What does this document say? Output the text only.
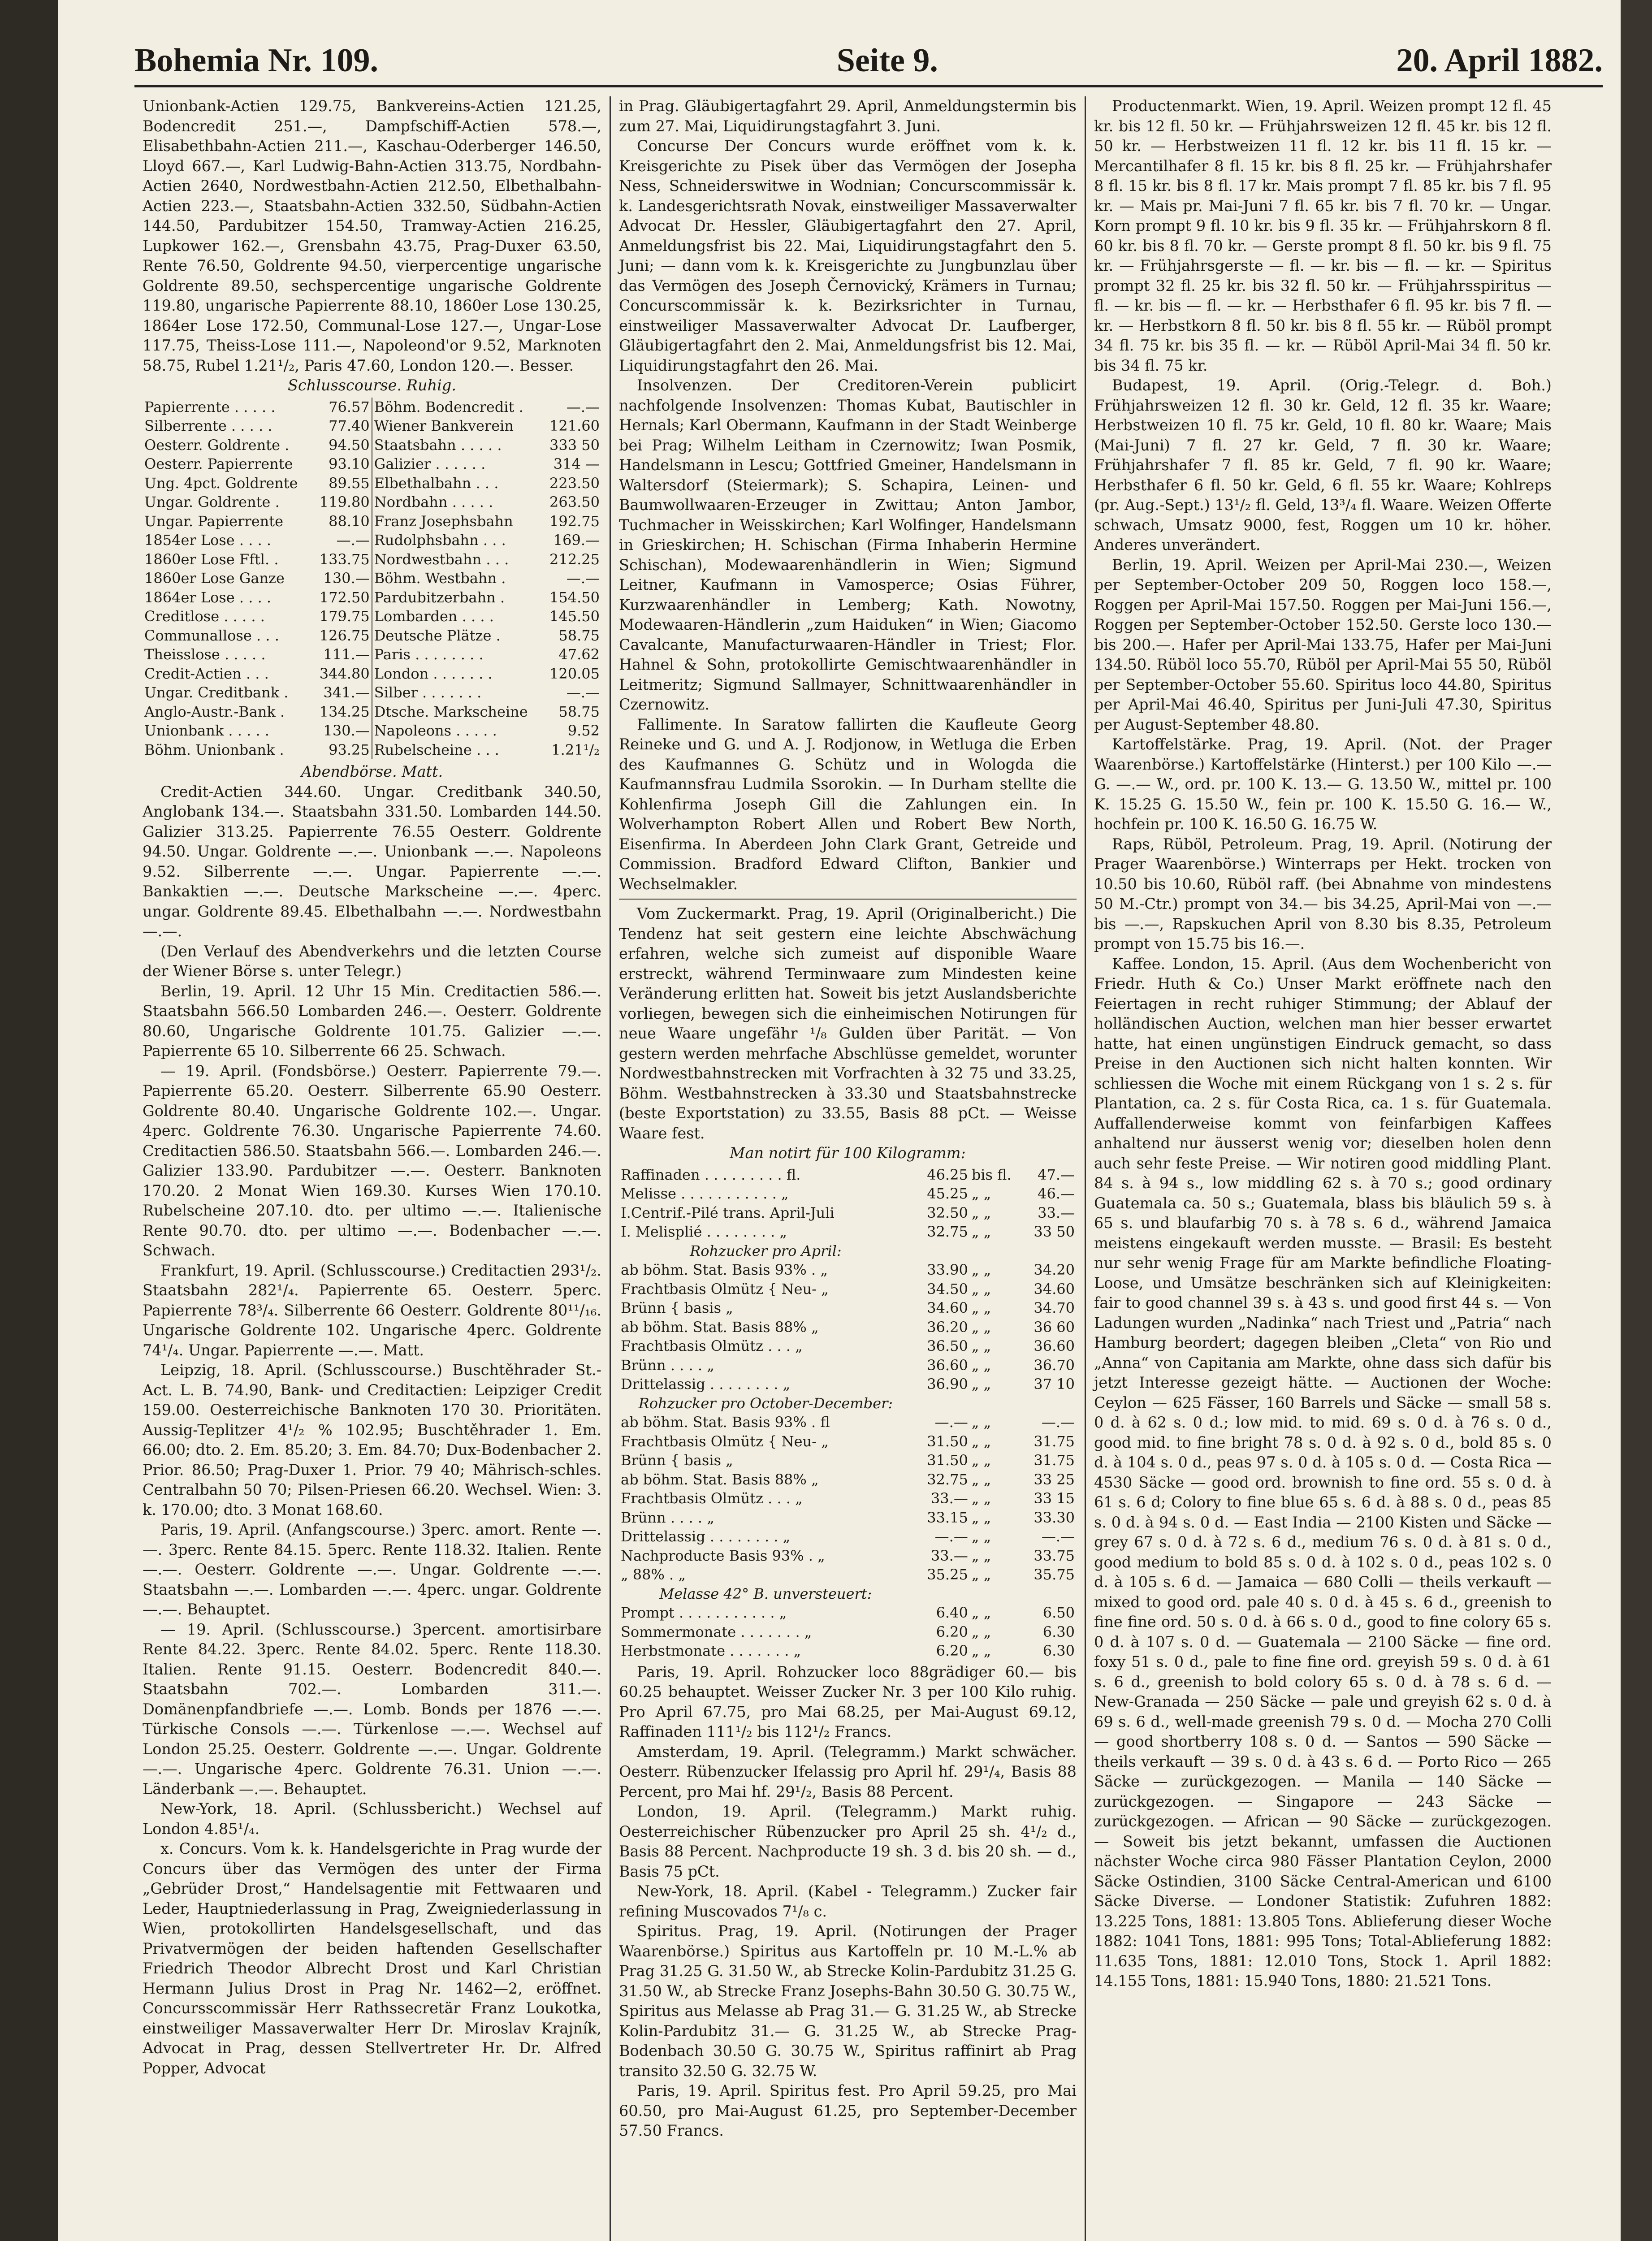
Bohemia Nr. 109.	Seite 9.	20. April 1882.

Unionbank-Actien 129.75, Bankvereins-Actien 121.25, Bodencredit 251.—, Dampfschiff-Actien 578.—, Elisabethbahn-Actien 211.—, Kaschau-Oderberger 146.50, Lloyd 667.—, Karl Ludwig-Bahn-Actien 313.75, Nordbahn-Actien 2640, Nordwestbahn-Actien 212.50, Elbethalbahn-Actien 223.—, Staatsbahn-Actien 332.50, Südbahn-Actien 144.50, Pardubitzer 154.50, Tramway-Actien 216.25, Lupkower 162.—, Grensbahn 43.75, Prag-Duxer 63.50, Rente 76.50, Goldrente 94.50, vierpercentige ungarische Goldrente 89.50, sechspercentige ungarische Goldrente 119.80, ungarische Papierrente 88.10, 1860er Lose 130.25, 1864er Lose 172.50, Communal-Lose 127.—, Ungar-Lose 117.75, Theiss-Lose 111.—, Napoleond'or 9.52, Marknoten 58.75, Rubel 1.21¹/₂, Paris 47.60, London 120.—. Besser.

Schlusscourse. Ruhig.

Papierrente . . . . .	76.57	Böhm. Bodencredit .	—.—
Silberrente . . . . .	77.40	Wiener Bankverein	121.60
Oesterr. Goldrente .	94.50	Staatsbahn . . . . .	333 50
Oesterr. Papierrente	93.10	Galizier . . . . . .	314 —
Ung. 4pct. Goldrente	89.55	Elbethalbahn . . .	223.50
Ungar. Goldrente .	119.80	Nordbahn . . . . .	263.50
Ungar. Papierrente	88.10	Franz Josephsbahn	192.75
1854er Lose . . . .	—.—	Rudolphsbahn . . .	169.—
1860er Lose Fftl. .	133.75	Nordwestbahn . . .	212.25
1860er Lose Ganze	130.—	Böhm. Westbahn .	—.—
1864er Lose . . . .	172.50	Pardubitzerbahn .	154.50
Creditlose . . . . .	179.75	Lombarden . . . .	145.50
Communallose . . .	126.75	Deutsche Plätze .	58.75
Theisslose . . . . .	111.—	Paris . . . . . . . .	47.62
Credit-Actien . . .	344.80	London . . . . . . .	120.05
Ungar. Creditbank .	341.—	Silber . . . . . . .	—.—
Anglo-Austr.-Bank .	134.25	Dtsche. Markscheine	58.75
Unionbank . . . . .	130.—	Napoleons . . . . .	9.52
Böhm. Unionbank .	93.25	Rubelscheine . . .	1.21¹/₂

Abendbörse. Matt.

Credit-Actien 344.60. Ungar. Creditbank 340.50, Anglobank 134.—. Staatsbahn 331.50. Lombarden 144.50. Galizier 313.25. Papierrente 76.55 Oesterr. Goldrente 94.50. Ungar. Goldrente —.—. Unionbank —.—. Napoleons 9.52. Silberrente —.—. Ungar. Papierrente —.—. Bankaktien —.—. Deutsche Markscheine —.—. 4perc. ungar. Goldrente 89.45. Elbethalbahn —.—. Nordwestbahn —.—.

(Den Verlauf des Abendverkehrs und die letzten Course der Wiener Börse s. unter Telegr.)

Berlin, 19. April. 12 Uhr 15 Min. Creditactien 586.—. Staatsbahn 566.50 Lombarden 246.—. Oesterr. Goldrente 80.60, Ungarische Goldrente 101.75. Galizier —.—. Papierrente 65 10. Silberrente 66 25. Schwach.

— 19. April. (Fondsbörse.) Oesterr. Papierrente 79.—. Papierrente 65.20. Oesterr. Silberrente 65.90 Oesterr. Goldrente 80.40. Ungarische Goldrente 102.—. Ungar. 4perc. Goldrente 76.30. Ungarische Papierrente 74.60. Creditactien 586.50. Staatsbahn 566.—. Lombarden 246.—. Galizier 133.90. Pardubitzer —.—. Oesterr. Banknoten 170.20. 2 Monat Wien 169.30. Kurses Wien 170.10. Rubelscheine 207.10. dto. per ultimo —.—. Italienische Rente 90.70. dto. per ultimo —.—. Bodenbacher —.—. Schwach.

Frankfurt, 19. April. (Schlusscourse.) Creditactien 293¹/₂. Staatsbahn 282¹/₄. Papierrente 65. Oesterr. 5perc. Papierrente 78³/₄. Silberrente 66 Oesterr. Goldrente 80¹¹/₁₆. Ungarische Goldrente 102. Ungarische 4perc. Goldrente 74¹/₄. Ungar. Papierrente —.—. Matt.

Leipzig, 18. April. (Schlusscourse.) Buschtěhrader St.-Act. L. B. 74.90, Bank- und Creditactien: Leipziger Credit 159.00. Oesterreichische Banknoten 170 30. Prioritäten. Aussig-Teplitzer 4¹/₂ % 102.95; Buschtěhrader 1. Em. 66.00; dto. 2. Em. 85.20; 3. Em. 84.70; Dux-Bodenbacher 2. Prior. 86.50; Prag-Duxer 1. Prior. 79 40; Mährisch-schles. Centralbahn 50 70; Pilsen-Priesen 66.20. Wechsel. Wien: 3. k. 170.00; dto. 3 Monat 168.60.

Paris, 19. April. (Anfangscourse.) 3perc. amort. Rente —.—. 3perc. Rente 84.15. 5perc. Rente 118.32. Italien. Rente —.—. Oesterr. Goldrente —.—. Ungar. Goldrente —.—. Staatsbahn —.—. Lombarden —.—. 4perc. ungar. Goldrente —.—. Behauptet.

— 19. April. (Schlusscourse.) 3percent. amortisirbare Rente 84.22. 3perc. Rente 84.02. 5perc. Rente 118.30. Italien. Rente 91.15. Oesterr. Bodencredit 840.—. Staatsbahn 702.—. Lombarden 311.—. Domänenpfandbriefe —.—. Lomb. Bonds per 1876 —.—. Türkische Consols —.—. Türkenlose —.—. Wechsel auf London 25.25. Oesterr. Goldrente —.—. Ungar. Goldrente —.—. Ungarische 4perc. Goldrente 76.31. Union —.—. Länderbank —.—. Behauptet.

New-York, 18. April. (Schlussbericht.) Wechsel auf London 4.85¹/₄.

x. Concurs. Vom k. k. Handelsgerichte in Prag wurde der Concurs über das Vermögen des unter der Firma „Gebrüder Drost,“ Handelsagentie mit Fettwaaren und Leder, Hauptniederlassung in Prag, Zweigniederlassung in Wien, protokollirten Handelsgesellschaft, und das Privatvermögen der beiden haftenden Gesellschafter Friedrich Theodor Albrecht Drost und Karl Christian Hermann Julius Drost in Prag Nr. 1462—2, eröffnet. Concursscommissär Herr Rathssecretär Franz Loukotka, einstweiliger Massaverwalter Herr Dr. Miroslav Krajník, Advocat in Prag, dessen Stellvertreter Hr. Dr. Alfred Popper, Advocat

in Prag. Gläubigertagfahrt 29. April, Anmeldungstermin bis zum 27. Mai, Liquidirungstagfahrt 3. Juni.

Concurse Der Concurs wurde eröffnet vom k. k. Kreisgerichte zu Pisek über das Vermögen der Josepha Ness, Schneiderswitwe in Wodnian; Concurscommissär k. k. Landesgerichtsrath Novak, einstweiliger Massaverwalter Advocat Dr. Hessler, Gläubigertagfahrt den 27. April, Anmeldungsfrist bis 22. Mai, Liquidirungstagfahrt den 5. Juni; — dann vom k. k. Kreisgerichte zu Jungbunzlau über das Vermögen des Joseph Černovický, Krämers in Turnau; Concurscommissär k. k. Bezirksrichter in Turnau, einstweiliger Massaverwalter Advocat Dr. Laufberger, Gläubigertagfahrt den 2. Mai, Anmeldungsfrist bis 12. Mai, Liquidirungstagfahrt den 26. Mai.

Insolvenzen. Der Creditoren-Verein publicirt nachfolgende Insolvenzen: Thomas Kubat, Bautischler in Hernals; Karl Obermann, Kaufmann in der Stadt Weinberge bei Prag; Wilhelm Leitham in Czernowitz; Iwan Posmik, Handelsmann in Lescu; Gottfried Gmeiner, Handelsmann in Waltersdorf (Steiermark); S. Schapira, Leinen- und Baumwollwaaren-Erzeuger in Zwittau; Anton Jambor, Tuchmacher in Weisskirchen; Karl Wolfinger, Handelsmann in Grieskirchen; H. Schischan (Firma Inhaberin Hermine Schischan), Modewaarenhändlerin in Wien; Sigmund Leitner, Kaufmann in Vamosperce; Osias Führer, Kurzwaarenhändler in Lemberg; Kath. Nowotny, Modewaaren-Händlerin „zum Haiduken“ in Wien; Giacomo Cavalcante, Manufacturwaaren-Händler in Triest; Flor. Hahnel & Sohn, protokollirte Gemischtwaarenhändler in Leitmeritz; Sigmund Sallmayer, Schnittwaarenhändler in Czernowitz.

Fallimente. In Saratow fallirten die Kaufleute Georg Reineke und G. und A. J. Rodjonow, in Wetluga die Erben des Kaufmannes G. Schütz und in Wologda die Kaufmannsfrau Ludmila Ssorokin. — In Durham stellte die Kohlenfirma Joseph Gill die Zahlungen ein. In Wolverhampton Robert Allen und Robert Bew North, Eisenfirma. In Aberdeen John Clark Grant, Getreide und Commission. Bradford Edward Clifton, Bankier und Wechselmakler.

Vom Zuckermarkt. Prag, 19. April (Originalbericht.) Die Tendenz hat seit gestern eine leichte Abschwächung erfahren, welche sich zumeist auf disponible Waare erstreckt, während Terminwaare zum Mindesten keine Veränderung erlitten hat. Soweit bis jetzt Auslandsberichte vorliegen, bewegen sich die einheimischen Notirungen für neue Waare ungefähr ¹/₈ Gulden über Parität. — Von gestern werden mehrfache Abschlüsse gemeldet, worunter Nordwestbahnstrecken mit Vorfrachten à 32 75 und 33.25, Böhm. Westbahnstrecken à 33.30 und Staatsbahnstrecke (beste Exportstation) zu 33.55, Basis 88 pCt. — Weisse Waare fest.

Man notirt für 100 Kilogramm:

Raffinaden . . . . . . . . . fl.	46.25	bis fl.	47.—
Melisse . . . . . . . . . . . „	45.25	„ „	46.—
I.Centrif.-Pilé trans. April-Juli	32.50	„ „	33.—
I. Melisplié . . . . . . . . „	32.75	„ „	33 50
Rohzucker pro April:			
ab böhm. Stat. Basis 93% . „	33.90	„ „	34.20
Frachtbasis Olmütz { Neu- „	34.50	„ „	34.60
Brünn { basis „	34.60	„ „	34.70
ab böhm. Stat. Basis 88% „	36.20	„ „	36 60
Frachtbasis Olmütz . . . „	36.50	„ „	36.60
Brünn . . . . „	36.60	„ „	36.70
Drittelassig . . . . . . . . „	36.90	„ „	37 10
Rohzucker pro October-December:			
ab böhm. Stat. Basis 93% . fl	—.—	„ „	—.—
Frachtbasis Olmütz { Neu- „	31.50	„ „	31.75
Brünn { basis „	31.50	„ „	31.75
ab böhm. Stat. Basis 88% „	32.75	„ „	33 25
Frachtbasis Olmütz . . . „	33.—	„ „	33 15
Brünn . . . . „	33.15	„ „	33.30
Drittelassig . . . . . . . . „	—.—	„ „	—.—
Nachproducte Basis 93% . „	33.—	„ „	33.75
„ 88% . „	35.25	„ „	35.75
Melasse 42° B. unversteuert:			
Prompt . . . . . . . . . . . „	6.40	„ „	6.50
Sommermonate . . . . . . . „	6.20	„ „	6.30
Herbstmonate . . . . . . . „	6.20	„ „	6.30

Paris, 19. April. Rohzucker loco 88grädiger 60.— bis 60.25 behauptet. Weisser Zucker Nr. 3 per 100 Kilo ruhig. Pro April 67.75, pro Mai 68.25, per Mai-August 69.12, Raffinaden 111¹/₂ bis 112¹/₂ Francs.

Amsterdam, 19. April. (Telegramm.) Markt schwächer. Oesterr. Rübenzucker Ifelassig pro April hf. 29¹/₄, Basis 88 Percent, pro Mai hf. 29¹/₂, Basis 88 Percent.

London, 19. April. (Telegramm.) Markt ruhig. Oesterreichischer Rübenzucker pro April 25 sh. 4¹/₂ d., Basis 88 Percent. Nachproducte 19 sh. 3 d. bis 20 sh. — d., Basis 75 pCt.

New-York, 18. April. (Kabel - Telegramm.) Zucker fair refining Muscovados 7¹/₈ c.

Spiritus. Prag, 19. April. (Notirungen der Prager Waarenbörse.) Spiritus aus Kartoffeln pr. 10 M.-L.% ab Prag 31.25 G. 31.50 W., ab Strecke Kolin-Pardubitz 31.25 G. 31.50 W., ab Strecke Franz Josephs-Bahn 30.50 G. 30.75 W., Spiritus aus Melasse ab Prag 31.— G. 31.25 W., ab Strecke Kolin-Pardubitz 31.— G. 31.25 W., ab Strecke Prag-Bodenbach 30.50 G. 30.75 W., Spiritus raffinirt ab Prag transito 32.50 G. 32.75 W.

Paris, 19. April. Spiritus fest. Pro April 59.25, pro Mai 60.50, pro Mai-August 61.25, pro September-December 57.50 Francs.

Productenmarkt. Wien, 19. April. Weizen prompt 12 fl. 45 kr. bis 12 fl. 50 kr. — Frühjahrsweizen 12 fl. 45 kr. bis 12 fl. 50 kr. — Herbstweizen 11 fl. 12 kr. bis 11 fl. 15 kr. — Mercantilhafer 8 fl. 15 kr. bis 8 fl. 25 kr. — Frühjahrshafer 8 fl. 15 kr. bis 8 fl. 17 kr. Mais prompt 7 fl. 85 kr. bis 7 fl. 95 kr. — Mais pr. Mai-Juni 7 fl. 65 kr. bis 7 fl. 70 kr. — Ungar. Korn prompt 9 fl. 10 kr. bis 9 fl. 35 kr. — Frühjahrskorn 8 fl. 60 kr. bis 8 fl. 70 kr. — Gerste prompt 8 fl. 50 kr. bis 9 fl. 75 kr. — Frühjahrsgerste — fl. — kr. bis — fl. — kr. — Spiritus prompt 32 fl. 25 kr. bis 32 fl. 50 kr. — Frühjahrsspiritus — fl. — kr. bis — fl. — kr. — Herbsthafer 6 fl. 95 kr. bis 7 fl. — kr. — Herbstkorn 8 fl. 50 kr. bis 8 fl. 55 kr. — Rüböl prompt 34 fl. 75 kr. bis 35 fl. — kr. — Rüböl April-Mai 34 fl. 50 kr. bis 34 fl. 75 kr.

Budapest, 19. April. (Orig.-Telegr. d. Boh.) Frühjahrsweizen 12 fl. 30 kr. Geld, 12 fl. 35 kr. Waare; Herbstweizen 10 fl. 75 kr. Geld, 10 fl. 80 kr. Waare; Mais (Mai-Juni) 7 fl. 27 kr. Geld, 7 fl. 30 kr. Waare; Frühjahrshafer 7 fl. 85 kr. Geld, 7 fl. 90 kr. Waare; Herbsthafer 6 fl. 50 kr. Geld, 6 fl. 55 kr. Waare; Kohlreps (pr. Aug.-Sept.) 13¹/₂ fl. Geld, 13³/₄ fl. Waare. Weizen Offerte schwach, Umsatz 9000, fest, Roggen um 10 kr. höher. Anderes unverändert.

Berlin, 19. April. Weizen per April-Mai 230.—, Weizen per September-October 209 50, Roggen loco 158.—, Roggen per April-Mai 157.50. Roggen per Mai-Juni 156.—, Roggen per September-October 152.50. Gerste loco 130.— bis 200.—. Hafer per April-Mai 133.75, Hafer per Mai-Juni 134.50. Rüböl loco 55.70, Rüböl per April-Mai 55 50, Rüböl per September-October 55.60. Spiritus loco 44.80, Spiritus per April-Mai 46.40, Spiritus per Juni-Juli 47.30, Spiritus per August-September 48.80.

Kartoffelstärke. Prag, 19. April. (Not. der Prager Waarenbörse.) Kartoffelstärke (Hinterst.) per 100 Kilo —.— G. —.— W., ord. pr. 100 K. 13.— G. 13.50 W., mittel pr. 100 K. 15.25 G. 15.50 W., fein pr. 100 K. 15.50 G. 16.— W., hochfein pr. 100 K. 16.50 G. 16.75 W.

Raps, Rüböl, Petroleum. Prag, 19. April. (Notirung der Prager Waarenbörse.) Winterraps per Hekt. trocken von 10.50 bis 10.60, Rüböl raff. (bei Abnahme von mindestens 50 M.-Ctr.) prompt von 34.— bis 34.25, April-Mai von —.— bis —.—, Rapskuchen April von 8.30 bis 8.35, Petroleum prompt von 15.75 bis 16.—.

Kaffee. London, 15. April. (Aus dem Wochenbericht von Friedr. Huth & Co.) Unser Markt eröffnete nach den Feiertagen in recht ruhiger Stimmung; der Ablauf der holländischen Auction, welchen man hier besser erwartet hatte, hat einen ungünstigen Eindruck gemacht, so dass Preise in den Auctionen sich nicht halten konnten. Wir schliessen die Woche mit einem Rückgang von 1 s. 2 s. für Plantation, ca. 2 s. für Costa Rica, ca. 1 s. für Guatemala. Auffallenderweise kommt von feinfarbigen Kaffees anhaltend nur äusserst wenig vor; dieselben holen denn auch sehr feste Preise. — Wir notiren good middling Plant. 84 s. à 94 s., low middling 62 s. à 70 s.; good ordinary Guatemala ca. 50 s.; Guatemala, blass bis bläulich 59 s. à 65 s. und blaufarbig 70 s. à 78 s. 6 d., während Jamaica meistens eingekauft werden musste. — Brasil: Es besteht nur sehr wenig Frage für am Markte befindliche Floating-Loose, und Umsätze beschränken sich auf Kleinigkeiten: fair to good channel 39 s. à 43 s. und good first 44 s. — Von Ladungen wurden „Nadinka“ nach Triest und „Patria“ nach Hamburg beordert; dagegen bleiben „Cleta“ von Rio und „Anna“ von Capitania am Markte, ohne dass sich dafür bis jetzt Interesse gezeigt hätte. — Auctionen der Woche: Ceylon — 625 Fässer, 160 Barrels und Säcke — small 58 s. 0 d. à 62 s. 0 d.; low mid. to mid. 69 s. 0 d. à 76 s. 0 d., good mid. to fine bright 78 s. 0 d. à 92 s. 0 d., bold 85 s. 0 d. à 104 s. 0 d., peas 97 s. 0 d. à 105 s. 0 d. — Costa Rica — 4530 Säcke — good ord. brownish to fine ord. 55 s. 0 d. à 61 s. 6 d; Colory to fine blue 65 s. 6 d. à 88 s. 0 d., peas 85 s. 0 d. à 94 s. 0 d. — East India — 2100 Kisten und Säcke — grey 67 s. 0 d. à 72 s. 6 d., medium 76 s. 0 d. à 81 s. 0 d., good medium to bold 85 s. 0 d. à 102 s. 0 d., peas 102 s. 0 d. à 105 s. 6 d. — Jamaica — 680 Colli — theils verkauft — mixed to good ord. pale 40 s. 0 d. à 45 s. 6 d., greenish to fine fine ord. 50 s. 0 d. à 66 s. 0 d., good to fine colory 65 s. 0 d. à 107 s. 0 d. — Guatemala — 2100 Säcke — fine ord. foxy 51 s. 0 d., pale to fine fine ord. greyish 59 s. 0 d. à 61 s. 6 d., greenish to bold colory 65 s. 0 d. à 78 s. 6 d. — New-Granada — 250 Säcke — pale und greyish 62 s. 0 d. à 69 s. 6 d., well-made greenish 79 s. 0 d. — Mocha 270 Colli — good shortberry 108 s. 0 d. — Santos — 590 Säcke — theils verkauft — 39 s. 0 d. à 43 s. 6 d. — Porto Rico — 265 Säcke — zurückgezogen. — Manila — 140 Säcke — zurückgezogen. — Singapore — 243 Säcke — zurückgezogen. — African — 90 Säcke — zurückgezogen. — Soweit bis jetzt bekannt, umfassen die Auctionen nächster Woche circa 980 Fässer Plantation Ceylon, 2000 Säcke Ostindien, 3100 Säcke Central-American und 6100 Säcke Diverse. — Londoner Statistik: Zufuhren 1882: 13.225 Tons, 1881: 13.805 Tons. Ablieferung dieser Woche 1882: 1041 Tons, 1881: 995 Tons; Total-Ablieferung 1882: 11.635 Tons, 1881: 12.010 Tons, Stock 1. April 1882: 14.155 Tons, 1881: 15.940 Tons, 1880: 21.521 Tons.
